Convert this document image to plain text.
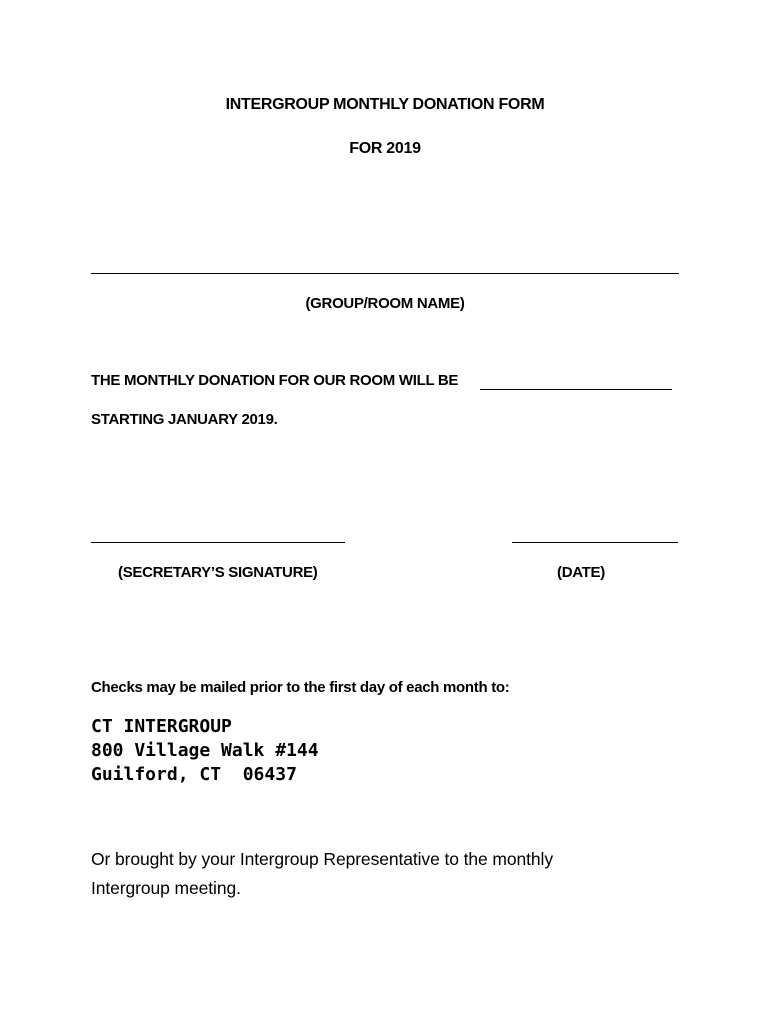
INTERGROUP MONTHLY DONATION FORM
FOR 2019
(GROUP/ROOM NAME)
THE MONTHLY DONATION FOR OUR ROOM WILL BE
STARTING JANUARY 2019.
(SECRETARY’S SIGNATURE)	(DATE)
Checks may be mailed prior to the first day of each month to:
CT INTERGROUP
800 Village Walk #144
Guilford, CT  06437
Or brought by your Intergroup Representative to the monthly
Intergroup meeting.
